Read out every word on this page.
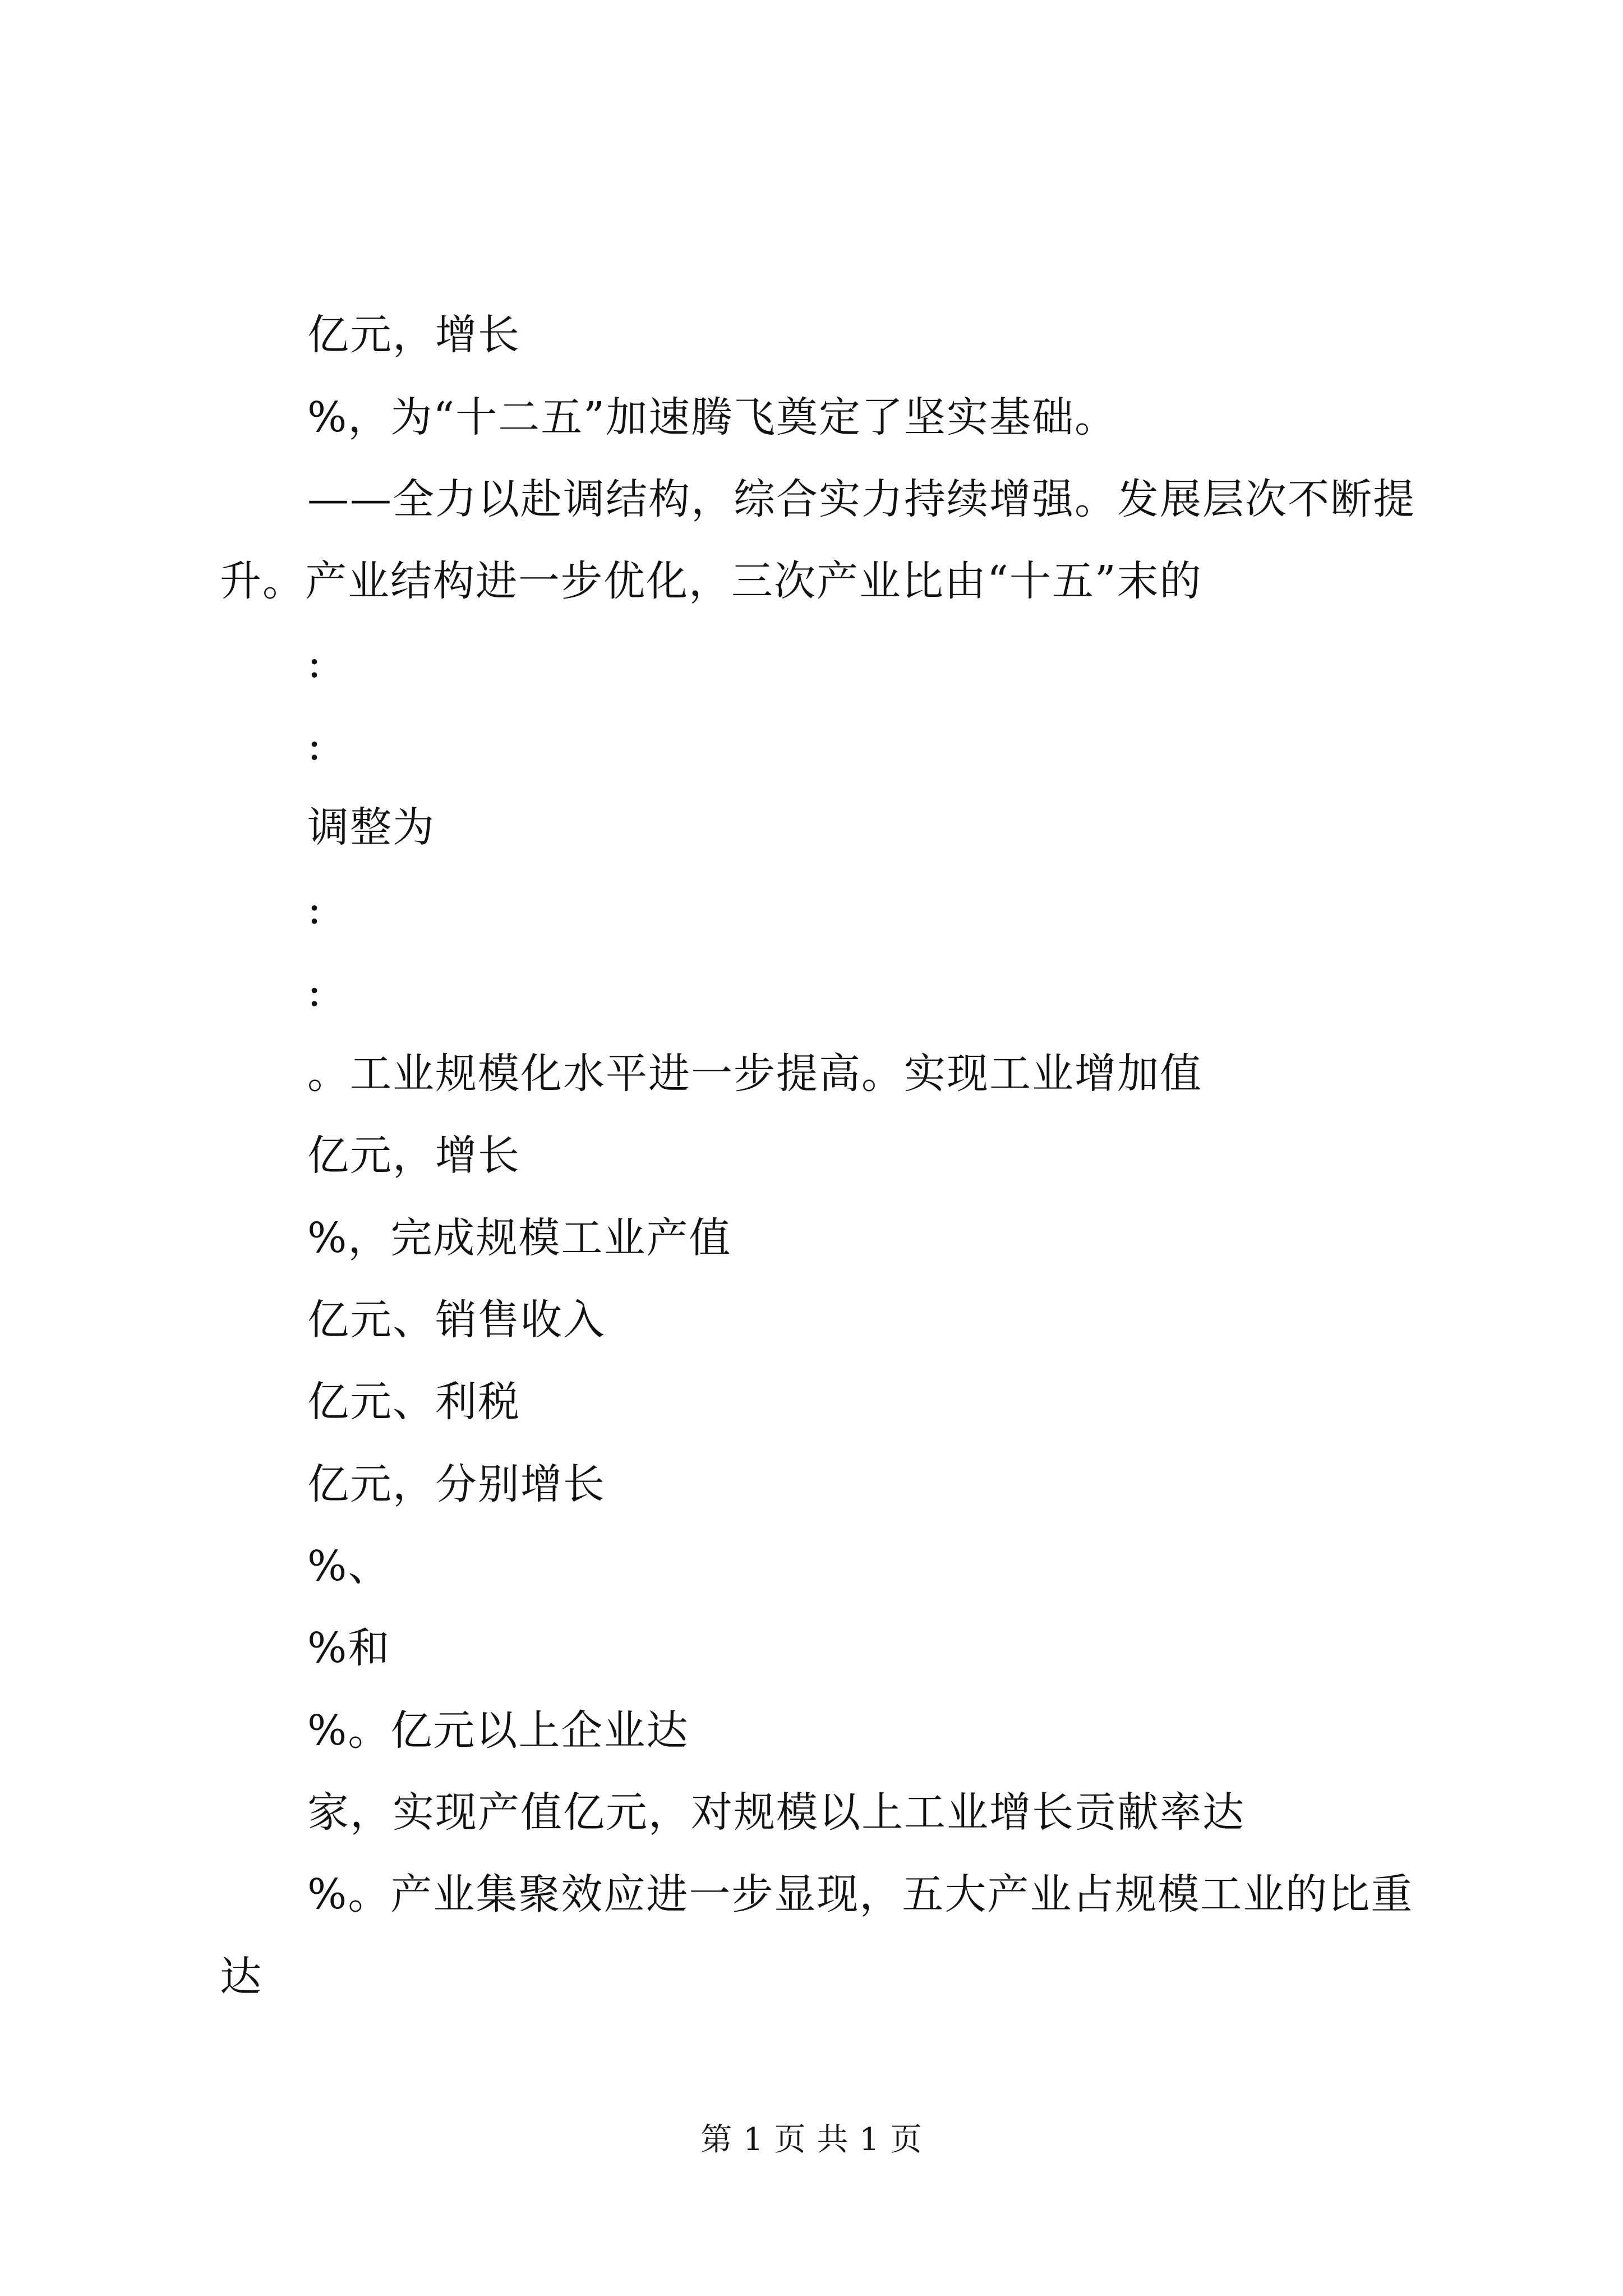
亿元，增长
%，为“十二五”加速腾飞奠定了坚实基础。
——全力以赴调结构，综合实力持续增强。发展层次不断提
升。产业结构进一步优化，三次产业比由“十五”末的
:
:
调整为
:
:
。工业规模化水平进一步提高。实现工业增加值
亿元，增长
%，完成规模工业产值
亿元、销售收入
亿元、利税
亿元，分别增长
%、
%和
%。亿元以上企业达
家，实现产值亿元，对规模以上工业增长贡献率达
%。产业集聚效应进一步显现，五大产业占规模工业的比重
达
第 1 页 共 1 页
